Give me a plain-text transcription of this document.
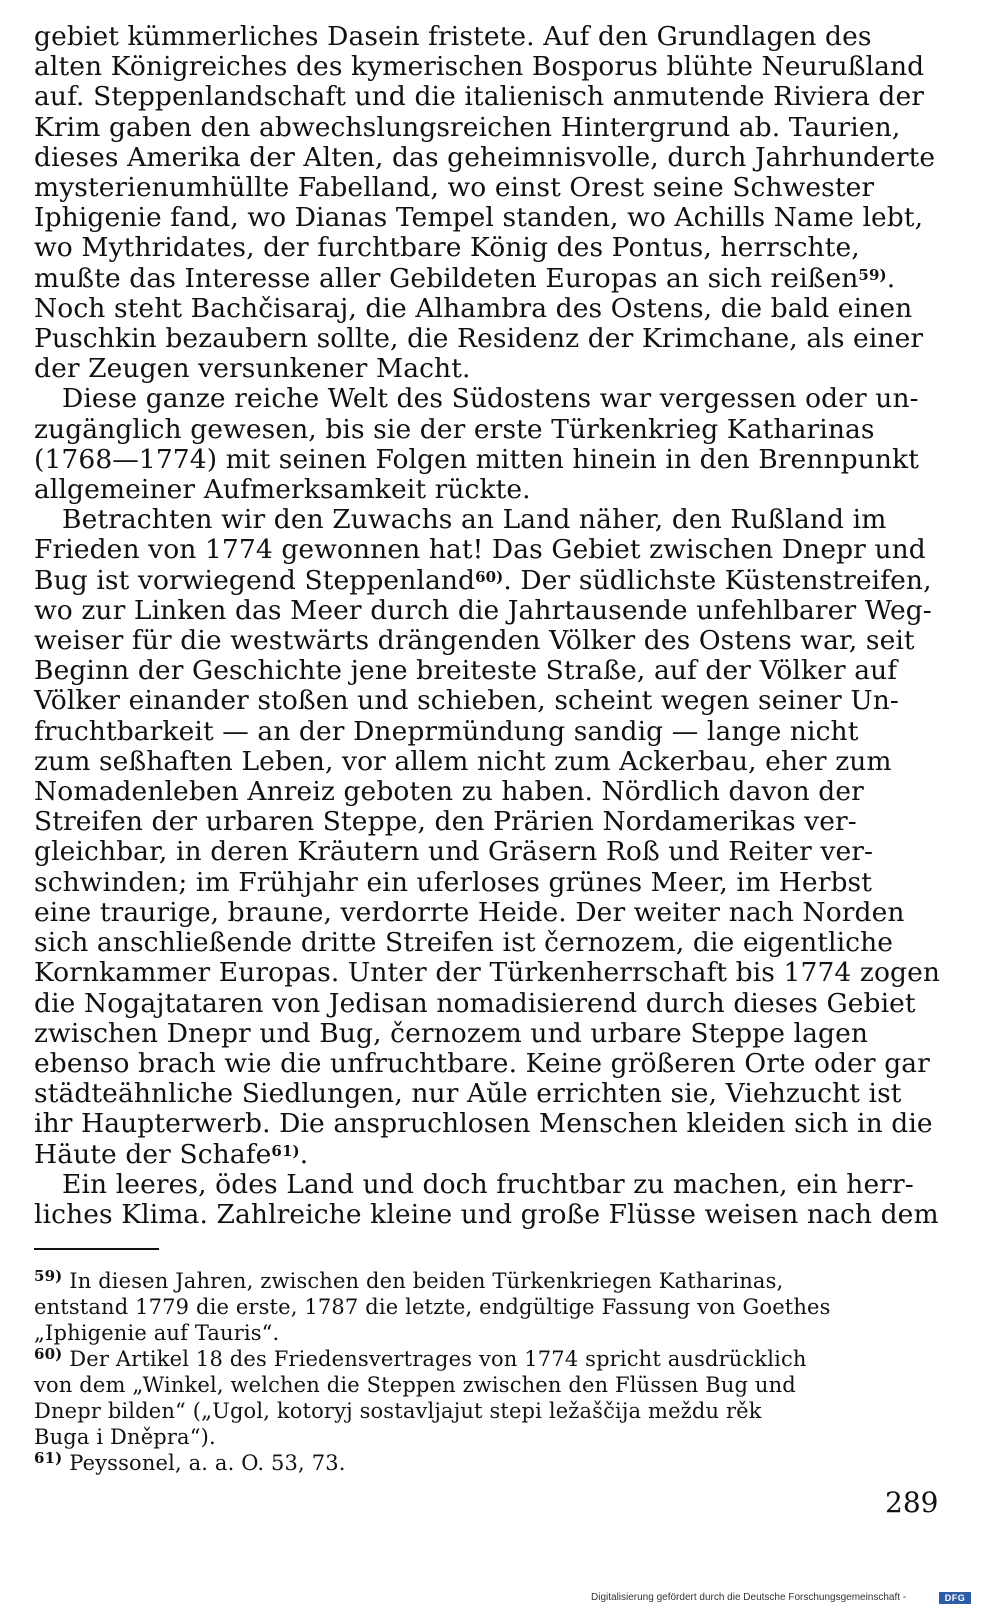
gebiet kümmerliches Dasein fristete. Auf den Grundlagen des
alten Königreiches des kymerischen Bosporus blühte Neurußland
auf. Steppenlandschaft und die italienisch anmutende Riviera der
Krim gaben den abwechslungsreichen Hintergrund ab. Taurien,
dieses Amerika der Alten, das geheimnisvolle, durch Jahrhunderte
mysterienumhüllte Fabelland, wo einst Orest seine Schwester
Iphigenie fand, wo Dianas Tempel standen, wo Achills Name lebt,
wo Mythridates, der furchtbare König des Pontus, herrschte,
mußte das Interesse aller Gebildeten Europas an sich reißen$^{59)}$.
Noch steht Bachčisaraj, die Alhambra des Ostens, die bald einen
Puschkin bezaubern sollte, die Residenz der Krimchane, als einer
der Zeugen versunkener Macht.

Diese ganze reiche Welt des Südostens war vergessen oder un-
zugänglich gewesen, bis sie der erste Türkenkrieg Katharinas
(1768—1774) mit seinen Folgen mitten hinein in den Brennpunkt
allgemeiner Aufmerksamkeit rückte.

Betrachten wir den Zuwachs an Land näher, den Rußland im
Frieden von 1774 gewonnen hat! Das Gebiet zwischen Dnepr und
Bug ist vorwiegend Steppenland$^{60)}$. Der südlichste Küstenstreifen,
wo zur Linken das Meer durch die Jahrtausende unfehlbarer Weg-
weiser für die westwärts drängenden Völker des Ostens war, seit
Beginn der Geschichte jene breiteste Straße, auf der Völker auf
Völker einander stoßen und schieben, scheint wegen seiner Un-
fruchtbarkeit — an der Dneprmündung sandig — lange nicht
zum seßhaften Leben, vor allem nicht zum Ackerbau, eher zum
Nomadenleben Anreiz geboten zu haben. Nördlich davon der
Streifen der urbaren Steppe, den Prärien Nordamerikas ver-
gleichbar, in deren Kräutern und Gräsern Roß und Reiter ver-
schwinden; im Frühjahr ein uferloses grünes Meer, im Herbst
eine traurige, braune, verdorrte Heide. Der weiter nach Norden
sich anschließende dritte Streifen ist černozem, die eigentliche
Kornkammer Europas. Unter der Türkenherrschaft bis 1774 zogen
die Nogajtataren von Jedisan nomadisierend durch dieses Gebiet
zwischen Dnepr und Bug, černozem und urbare Steppe lagen
ebenso brach wie die unfruchtbare. Keine größeren Orte oder gar
städteähnliche Siedlungen, nur Aŭle errichten sie, Viehzucht ist
ihr Haupterwerb. Die anspruchlosen Menschen kleiden sich in die
Häute der Schafe$^{61)}$.

Ein leeres, ödes Land und doch fruchtbar zu machen, ein herr-
liches Klima. Zahlreiche kleine und große Flüsse weisen nach dem

$^{59)}$ In diesen Jahren, zwischen den beiden Türkenkriegen Katharinas,
entstand 1779 die erste, 1787 die letzte, endgültige Fassung von Goethes
„Iphigenie auf Tauris“.
$^{60)}$ Der Artikel 18 des Friedensvertrages von 1774 spricht ausdrücklich
von dem „Winkel, welchen die Steppen zwischen den Flüssen Bug und
Dnepr bilden“ („Ugol, kotoryj sostavljajut stepi ležaščija meždu rěk
Buga i Dněpra“).
$^{61)}$ Peyssonel, a. a. O. 53, 73.
289
Digitalisierung gefördert durch die Deutsche Forschungsgemeinschaft -	DFG
